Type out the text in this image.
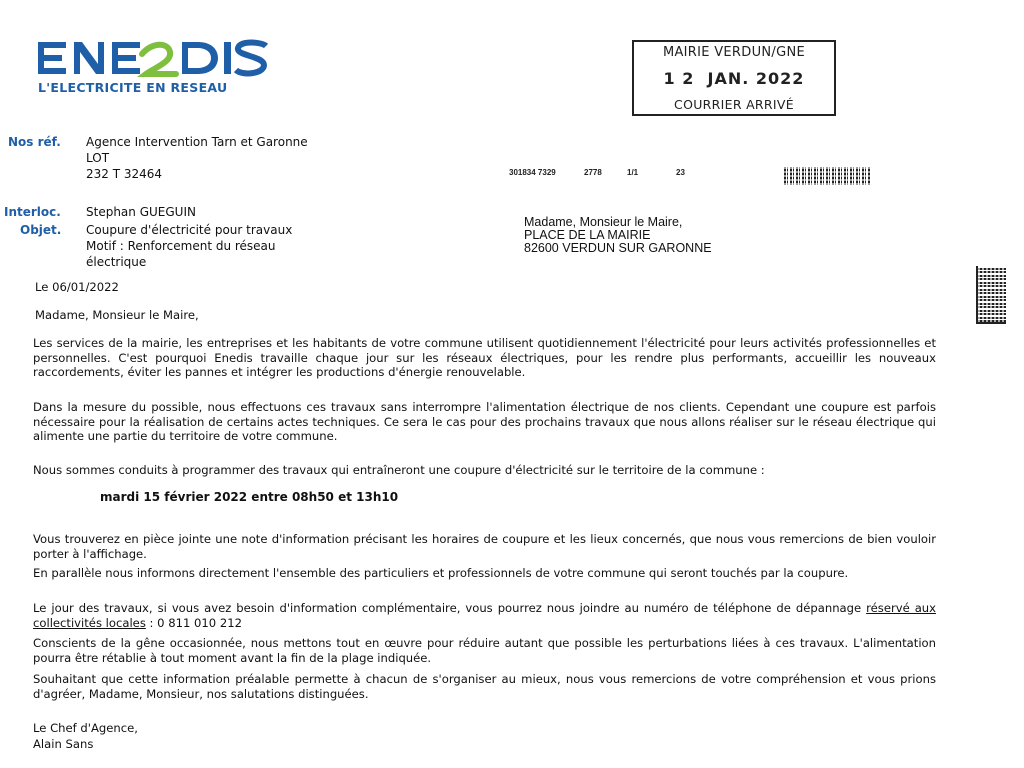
L'ELECTRICITE EN RESEAU
MAIRIE VERDUN/GNE
1 2  JAN. 2022
COURRIER ARRIVÉ
Nos réf. Agence Intervention Tarn et Garonne
LOT
232 T 32464
Interloc. Stephan GUEGUIN
Objet. Coupure d'électricité pour travaux
Motif : Renforcement du réseau
électrique
301834 7329	2778	1/1	23
Madame, Monsieur le Maire,
PLACE DE LA MAIRIE
82600 VERDUN SUR GARONNE
Le 06/01/2022
Madame, Monsieur le Maire,
Les services de la mairie, les entreprises et les habitants de votre commune utilisent quotidiennement l'électricité pour leurs activités professionnelles et personnelles. C'est pourquoi Enedis travaille chaque jour sur les réseaux électriques, pour les rendre plus performants, accueillir les nouveaux raccordements, éviter les pannes et intégrer les productions d'énergie renouvelable.
Dans la mesure du possible, nous effectuons ces travaux sans interrompre l'alimentation électrique de nos clients. Cependant une coupure est parfois nécessaire pour la réalisation de certains actes techniques. Ce sera le cas pour des prochains travaux que nous allons réaliser sur le réseau électrique qui alimente une partie du territoire de votre commune.
Nous sommes conduits à programmer des travaux qui entraîneront une coupure d'électricité sur le territoire de la commune :
mardi 15 février 2022 entre 08h50 et 13h10
Vous trouverez en pièce jointe une note d'information précisant les horaires de coupure et les lieux concernés, que nous vous remercions de bien vouloir porter à l'affichage.
En parallèle nous informons directement l'ensemble des particuliers et professionnels de votre commune qui seront touchés par la coupure.
Le jour des travaux, si vous avez besoin d'information complémentaire, vous pourrez nous joindre au numéro de téléphone de dépannage réservé aux collectivités locales : 0 811 010 212
Conscients de la gêne occasionnée, nous mettons tout en œuvre pour réduire autant que possible les perturbations liées à ces travaux. L'alimentation pourra être rétablie à tout moment avant la fin de la plage indiquée.
Souhaitant que cette information préalable permette à chacun de s'organiser au mieux, nous vous remercions de votre compréhension et vous prions d'agréer, Madame, Monsieur, nos salutations distinguées.
Le Chef d'Agence,
Alain Sans
